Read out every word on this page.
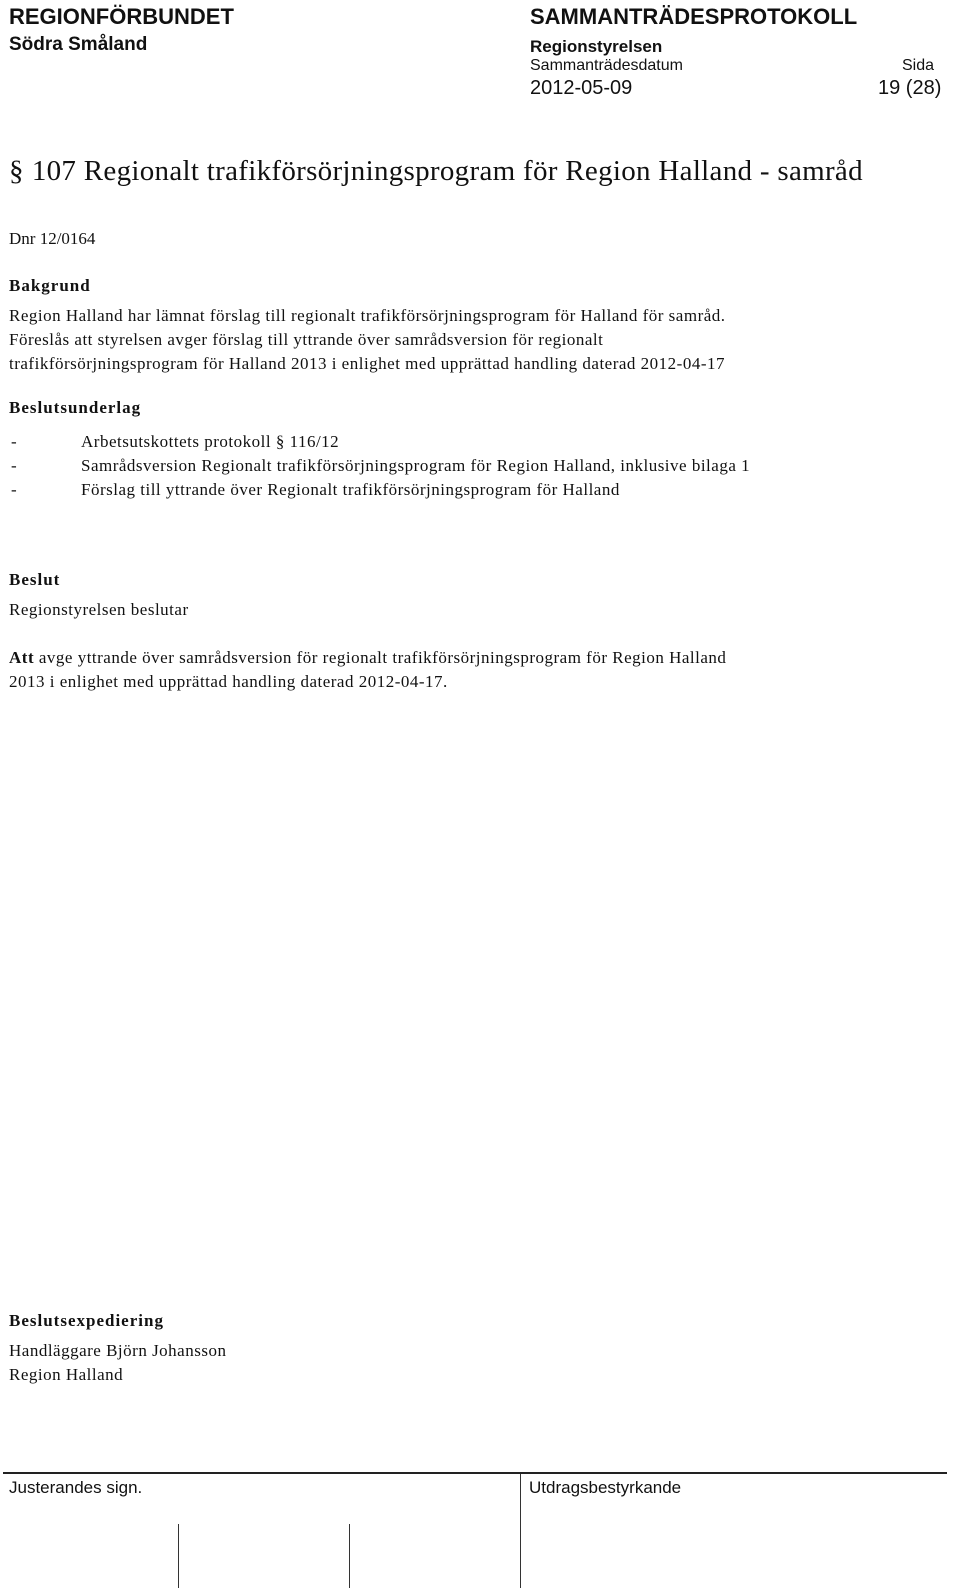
REGIONFÖRBUNDET
Södra Småland
SAMMANTRÄDESPROTOKOLL
Regionstyrelsen
Sammanträdesdatum	Sida
2012-05-09	19 (28)
§ 107 Regionalt trafikförsörjningsprogram för Region Halland - samråd
Dnr 12/0164
Bakgrund
Region Halland har lämnat förslag till regionalt trafikförsörjningsprogram för Halland för samråd.
Föreslås att styrelsen avger förslag till yttrande över samrådsversion för regionalt
trafikförsörjningsprogram för Halland 2013 i enlighet med upprättad handling daterad 2012-04-17
Beslutsunderlag
-	Arbetsutskottets protokoll § 116/12
-	Samrådsversion Regionalt trafikförsörjningsprogram för Region Halland, inklusive bilaga 1
-	Förslag till yttrande över Regionalt trafikförsörjningsprogram för Halland
Beslut
Regionstyrelsen beslutar
Att avge yttrande över samrådsversion för regionalt trafikförsörjningsprogram för Region Halland
2013 i enlighet med upprättad handling daterad 2012-04-17.
Beslutsexpediering
Handläggare Björn Johansson
Region Halland
Justerandes sign.	Utdragsbestyrkande
